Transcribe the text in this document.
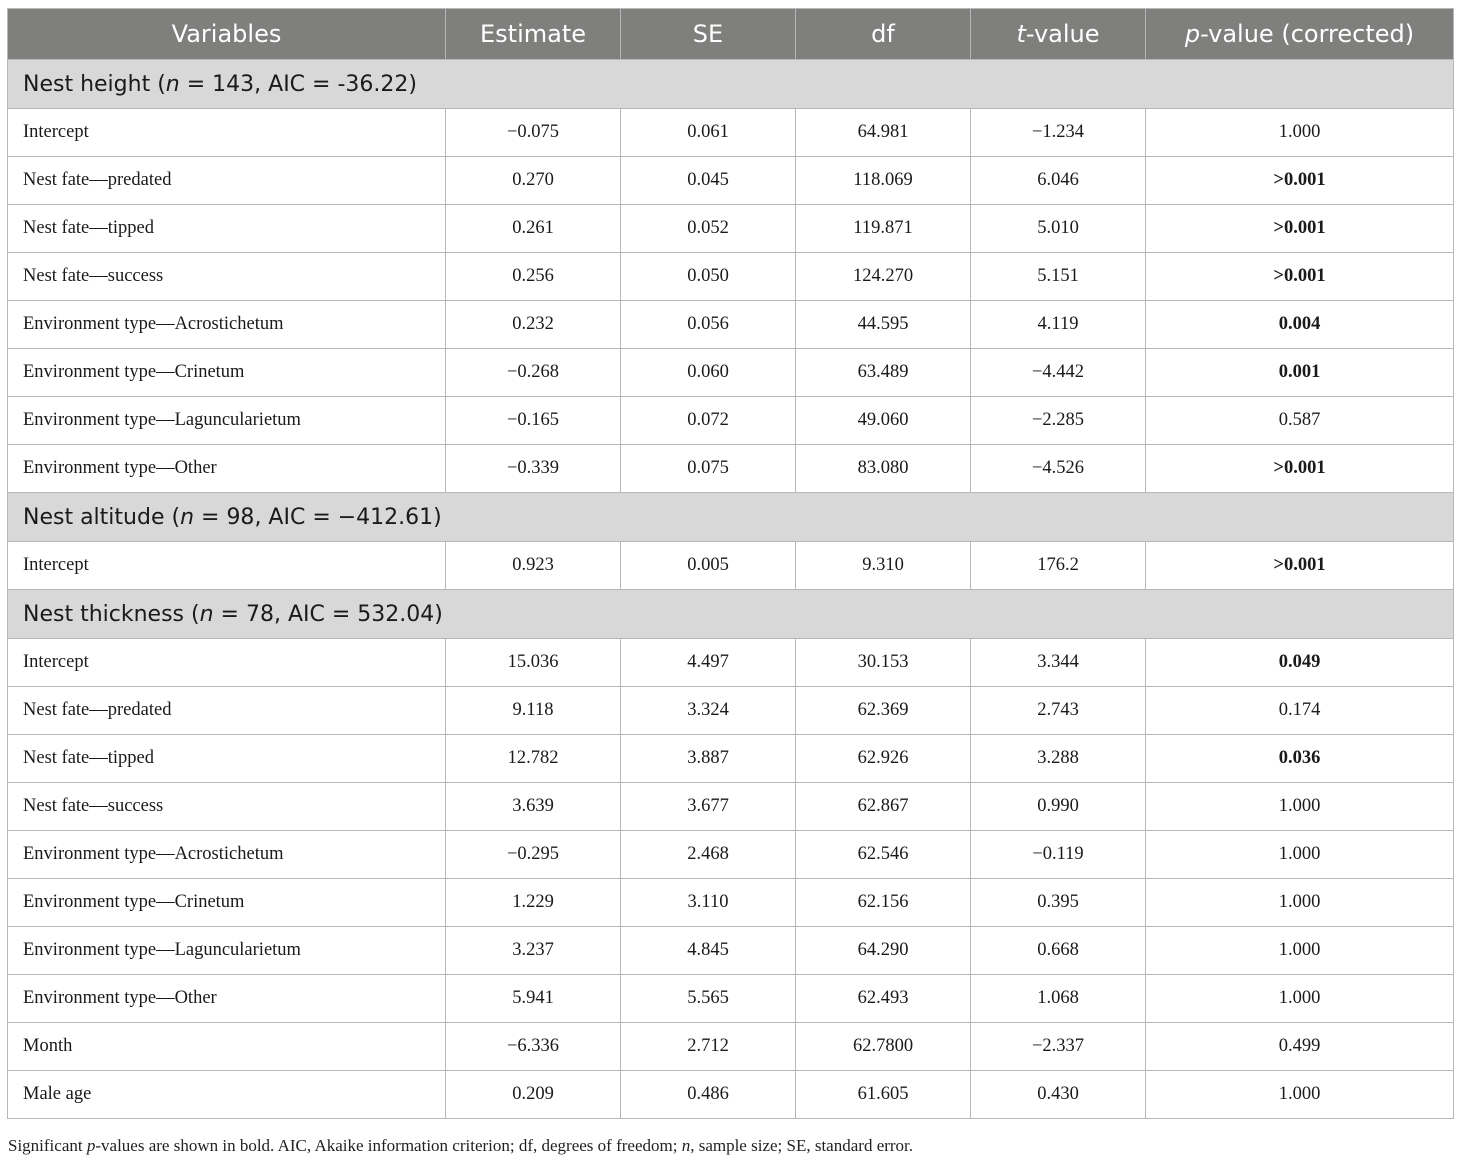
Variables	Estimate	SE	df	t-value	p-value (corrected)
Nest height (n = 143, AIC = -36.22)					
Intercept	−0.075	0.061	64.981	−1.234	1.000
Nest fate—predated	0.270	0.045	118.069	6.046	>0.001
Nest fate—tipped	0.261	0.052	119.871	5.010	>0.001
Nest fate—success	0.256	0.050	124.270	5.151	>0.001
Environment type—Acrostichetum	0.232	0.056	44.595	4.119	0.004
Environment type—Crinetum	−0.268	0.060	63.489	−4.442	0.001
Environment type—Laguncularietum	−0.165	0.072	49.060	−2.285	0.587
Environment type—Other	−0.339	0.075	83.080	−4.526	>0.001
Nest altitude (n = 98, AIC = −412.61)					
Intercept	0.923	0.005	9.310	176.2	>0.001
Nest thickness (n = 78, AIC = 532.04)					
Intercept	15.036	4.497	30.153	3.344	0.049
Nest fate—predated	9.118	3.324	62.369	2.743	0.174
Nest fate—tipped	12.782	3.887	62.926	3.288	0.036
Nest fate—success	3.639	3.677	62.867	0.990	1.000
Environment type—Acrostichetum	−0.295	2.468	62.546	−0.119	1.000
Environment type—Crinetum	1.229	3.110	62.156	0.395	1.000
Environment type—Laguncularietum	3.237	4.845	64.290	0.668	1.000
Environment type—Other	5.941	5.565	62.493	1.068	1.000
Month	−6.336	2.712	62.7800	−2.337	0.499
Male age	0.209	0.486	61.605	0.430	1.000
Significant p-values are shown in bold. AIC, Akaike information criterion; df, degrees of freedom; n, sample size; SE, standard error.
